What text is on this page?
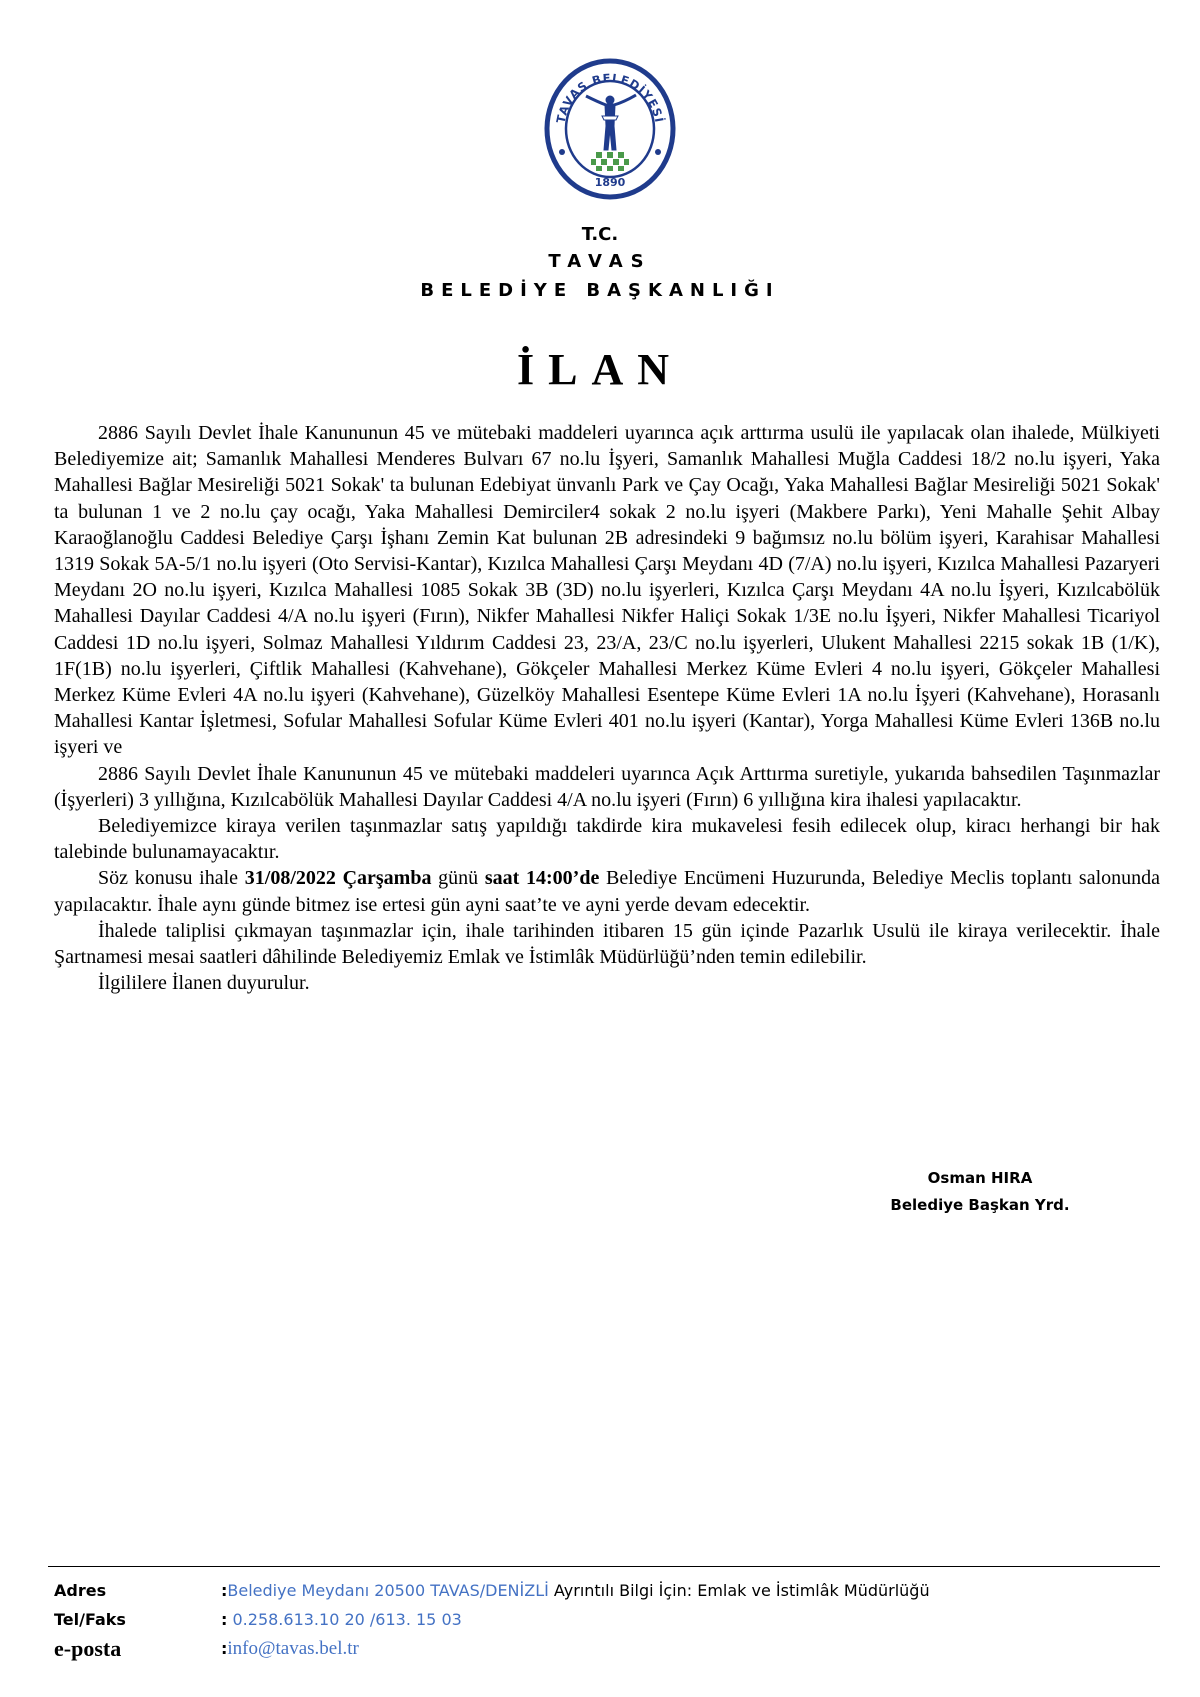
TAVAS BELEDİYESİ
1890
T.C.
TAVAS
BELEDİYE BAŞKANLIĞI
İLAN

2886 Sayılı Devlet İhale Kanununun 45 ve mütebaki maddeleri uyarınca açık arttırma usulü ile yapılacak olan ihalede, Mülkiyeti Belediyemize ait; Samanlık Mahallesi Menderes Bulvarı 67 no.lu İşyeri, Samanlık Mahallesi Muğla Caddesi 18/2 no.lu işyeri, Yaka Mahallesi Bağlar Mesireliği 5021 Sokak' ta bulunan Edebiyat ünvanlı Park ve Çay Ocağı, Yaka Mahallesi Bağlar Mesireliği 5021 Sokak' ta bulunan 1 ve 2 no.lu çay ocağı, Yaka Mahallesi Demirciler4 sokak 2 no.lu işyeri (Makbere Parkı), Yeni Mahalle Şehit Albay Karaoğlanoğlu Caddesi Belediye Çarşı İşhanı Zemin Kat bulunan 2B adresindeki 9 bağımsız no.lu bölüm işyeri, Karahisar Mahallesi 1319 Sokak 5A-5/1 no.lu işyeri (Oto Servisi-Kantar), Kızılca Mahallesi Çarşı Meydanı 4D (7/A) no.lu işyeri, Kızılca Mahallesi Pazaryeri Meydanı 2O no.lu işyeri, Kızılca Mahallesi 1085 Sokak 3B (3D) no.lu işyerleri, Kızılca Çarşı Meydanı 4A no.lu İşyeri, Kızılcabölük Mahallesi Dayılar Caddesi 4/A no.lu işyeri (Fırın), Nikfer Mahallesi Nikfer Haliçi Sokak 1/3E no.lu İşyeri, Nikfer Mahallesi Ticariyol Caddesi 1D no.lu işyeri, Solmaz Mahallesi Yıldırım Caddesi 23, 23/A, 23/C no.lu işyerleri, Ulukent Mahallesi 2215 sokak 1B (1/K), 1F(1B) no.lu işyerleri, Çiftlik Mahallesi (Kahvehane), Gökçeler Mahallesi Merkez Küme Evleri 4 no.lu işyeri, Gökçeler Mahallesi Merkez Küme Evleri 4A no.lu işyeri (Kahvehane), Güzelköy Mahallesi Esentepe Küme Evleri 1A no.lu İşyeri (Kahvehane), Horasanlı Mahallesi Kantar İşletmesi, Sofular Mahallesi Sofular Küme Evleri 401 no.lu işyeri (Kantar), Yorga Mahallesi Küme Evleri 136B no.lu işyeri ve

2886 Sayılı Devlet İhale Kanununun 45 ve mütebaki maddeleri uyarınca Açık Arttırma suretiyle, yukarıda bahsedilen Taşınmazlar (İşyerleri) 3 yıllığına, Kızılcabölük Mahallesi Dayılar Caddesi 4/A no.lu işyeri (Fırın) 6 yıllığına kira ihalesi yapılacaktır.

Belediyemizce kiraya verilen taşınmazlar satış yapıldığı takdirde kira mukavelesi fesih edilecek olup, kiracı herhangi bir hak talebinde bulunamayacaktır.

Söz konusu ihale 31/08/2022 Çarşamba günü saat 14:00’de Belediye Encümeni Huzurunda, Belediye Meclis toplantı salonunda yapılacaktır. İhale aynı günde bitmez ise ertesi gün ayni saat’te ve ayni yerde devam edecektir.

İhalede taliplisi çıkmayan taşınmazlar için, ihale tarihinden itibaren 15 gün içinde Pazarlık Usulü ile kiraya verilecektir. İhale Şartnamesi mesai saatleri dâhilinde Belediyemiz Emlak ve İstimlâk Müdürlüğü’nden temin edilebilir.

İlgililere İlanen duyurulur.

Osman HIRA
Belediye Başkan Yrd.
Adres	:Belediye Meydanı 20500 TAVAS/DENİZLİ Ayrıntılı Bilgi İçin: Emlak ve İstimlâk Müdürlüğü
Tel/Faks	: 0.258.613.10 20 /613. 15 03
e-posta	:info@tavas.bel.tr
